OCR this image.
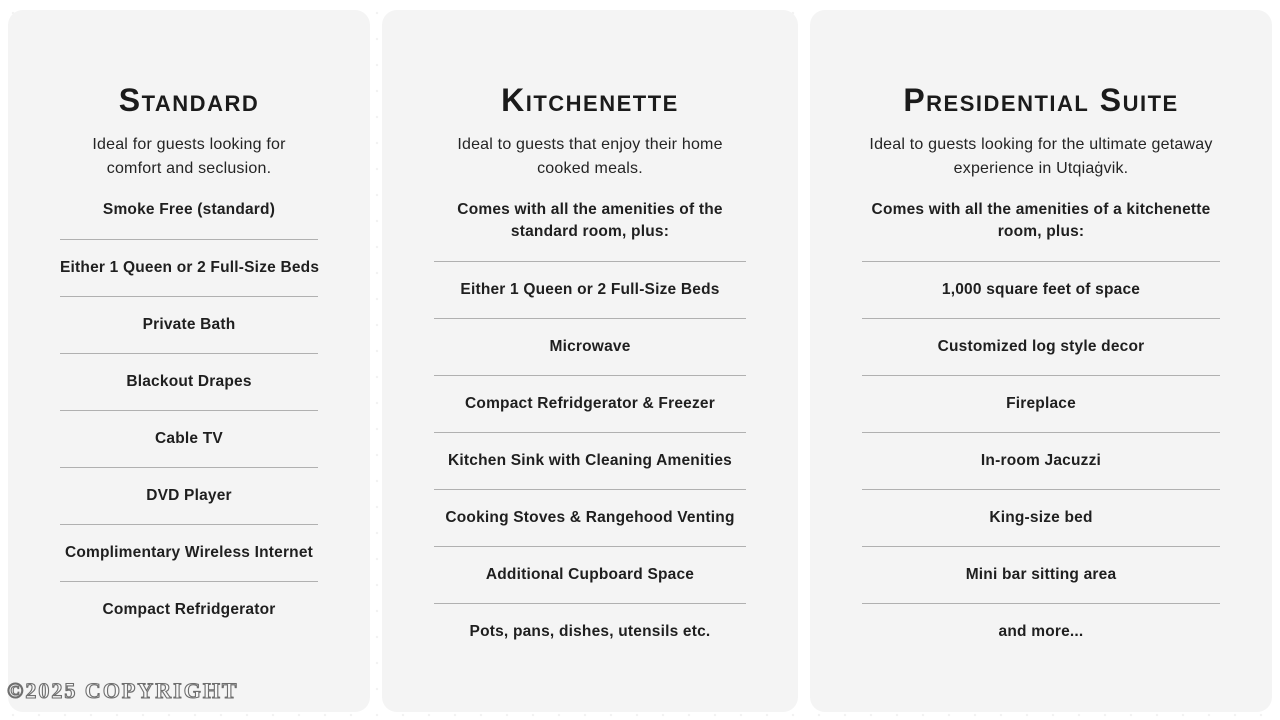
Standard

Ideal for guests looking for comfort and seclusion.

Smoke Free (standard)

Either 1 Queen or 2 Full-Size Beds
Private Bath
Blackout Drapes
Cable TV
DVD Player
Complimentary Wireless Internet
Compact Refridgerator
Kitchenette

Ideal to guests that enjoy their home cooked meals.

Comes with all the amenities of the standard room, plus:

Either 1 Queen or 2 Full-Size Beds
Microwave
Compact Refridgerator & Freezer
Kitchen Sink with Cleaning Amenities
Cooking Stoves & Rangehood Venting
Additional Cupboard Space
Pots, pans, dishes, utensils etc.
Presidential Suite

Ideal to guests looking for the ultimate getaway experience in Utqiaġvik.

Comes with all the amenities of a kitchenette room, plus:

1,000 square feet of space
Customized log style decor
Fireplace
In-room Jacuzzi
King-size bed
Mini bar sitting area
and more...
©2025 COPYRIGHT
